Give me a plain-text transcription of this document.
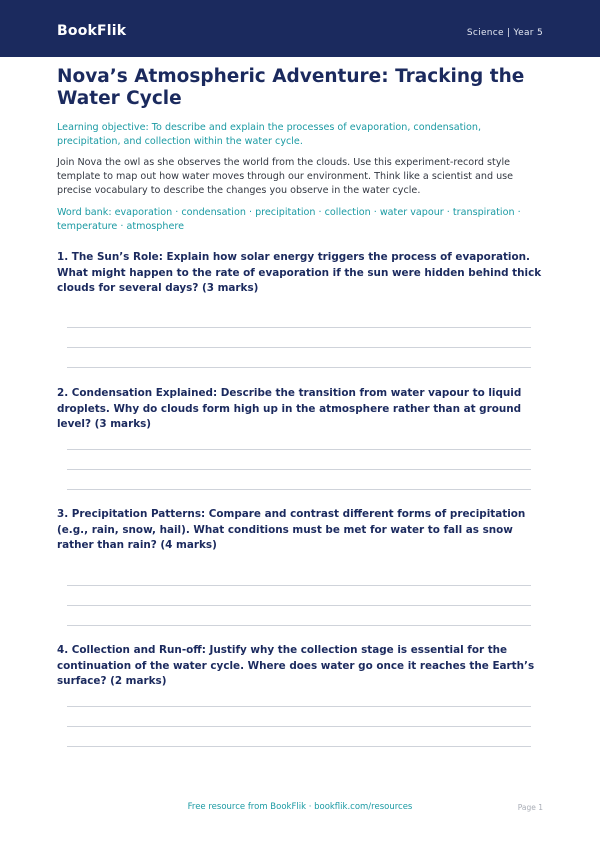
BookFlik	Science | Year 5
Nova’s Atmospheric Adventure: Tracking the Water Cycle

Learning objective: To describe and explain the processes of evaporation, condensation, precipitation, and collection within the water cycle.

Join Nova the owl as she observes the world from the clouds. Use this experiment-record style template to map out how water moves through our environment. Think like a scientist and use precise vocabulary to describe the changes you observe in the water cycle.

Word bank: evaporation · condensation · precipitation · collection · water vapour · transpiration · temperature · atmosphere

1. The Sun’s Role: Explain how solar energy triggers the process of evaporation. What might happen to the rate of evaporation if the sun were hidden behind thick clouds for several days? (3 marks)

2. Condensation Explained: Describe the transition from water vapour to liquid droplets. Why do clouds form high up in the atmosphere rather than at ground level? (3 marks)

3. Precipitation Patterns: Compare and contrast different forms of precipitation (e.g., rain, snow, hail). What conditions must be met for water to fall as snow rather than rain? (4 marks)

4. Collection and Run-off: Justify why the collection stage is essential for the continuation of the water cycle. Where does water go once it reaches the Earth’s surface? (2 marks)

Free resource from BookFlik · bookflik.com/resources	Page 1
